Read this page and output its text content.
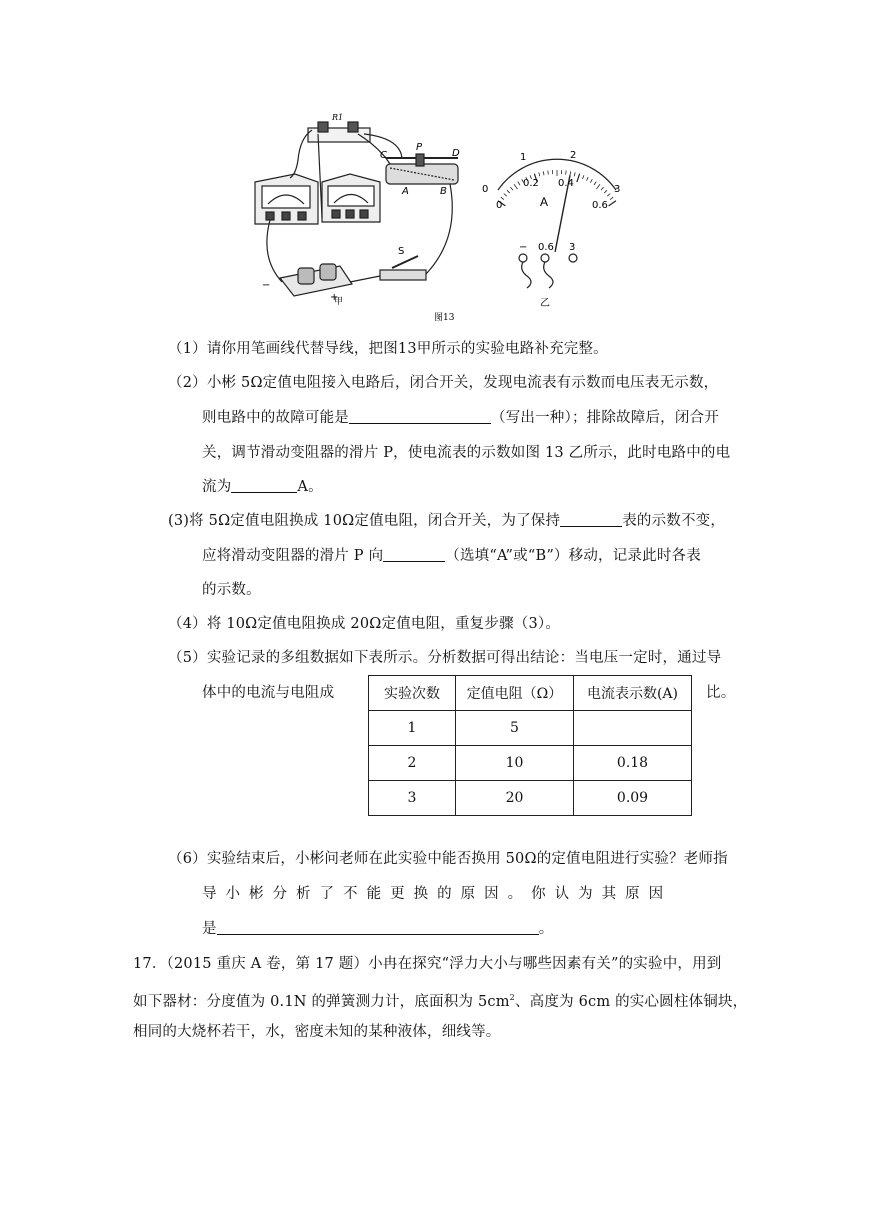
R1
C
P
D
A	B
S
−
+
甲
1	2
3
0
0
0.2 0.4
0.6
A
− 0.6 3
乙
图13
（1）请你用笔画线代替导线，把图13甲所示的实验电路补充完整。
（2）小彬 5Ω定值电阻接入电路后，闭合开关，发现电流表有示数而电压表无示数，
则电路中的故障可能是	（写出一种）；排除故障后，闭合开
关，调节滑动变阻器的滑片 P，使电流表的示数如图 13 乙所示，此时电路中的电
流为	A。
(3)将 5Ω定值电阻换成 10Ω定值电阻，闭合开关，为了保持	表的示数不变，
应将滑动变阻器的滑片 P 向	（选填“A”或“B”）移动，记录此时各表
的示数。
（4）将 10Ω定值电阻换成 20Ω定值电阻，重复步骤（3）。
（5）实验记录的多组数据如下表所示。分析数据可得出结论：当电压一定时，通过导
体中的电流与电阻成	比。
实验次数	定值电阻（Ω）	电流表示数(A)
1	5	
2	10	0.18
3	20	0.09
（6）实验结束后，小彬问老师在此实验中能否换用 50Ω的定值电阻进行实验？老师指
导 小 彬 分 析 了 不 能 更 换 的 原 因 。 你 认 为 其 原 因
是	。
17．（2015 重庆 A 卷，第 17 题）小冉在探究“浮力大小与哪些因素有关”的实验中，用到
如下器材：分度值为 0.1N 的弹簧测力计，底面积为 $5cm^2$、高度为 6cm 的实心圆柱体铜块，
相同的大烧杯若干，水，密度未知的某种液体，细线等。
